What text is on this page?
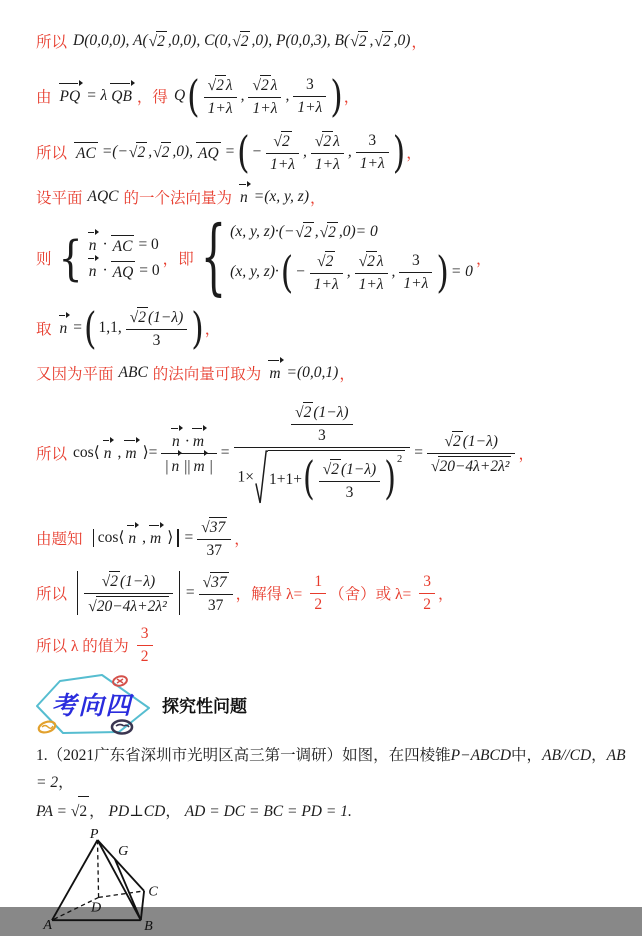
所以 D(0,0,0), A( √2 ,0,0), C(0, √2 ,0), P(0,0,3), B( √2 , √2 ,0) ，
由 PQ = λ QB ，得 Q ( $\frac{√2 \lambda}{1+\lambda}$ , $\frac{√2 \lambda}{1+\lambda}$ , $\frac{3}{1+\lambda}$ ) ，
所以 AC =(− √2 , √2 ,0), AQ = ( − $\frac{√2}{1+\lambda}$ , $\frac{√2 \lambda}{1+\lambda}$ , $\frac{3}{1+\lambda}$ ) ，
设平面 AQC 的一个法向量为 n =(x, y, z) ，
则 { n · AC = 0
n · AQ = 0
， 即 { (x, y, z)·(− √2 , √2 ,0)= 0
(x, y, z)· ( − $\frac{√2}{1+\lambda}$ , $\frac{√2 \lambda}{1+\lambda}$ , $\frac{3}{1+\lambda}$ ) = 0
，
取 n = ( 1,1, $\frac{√2 (1-\lambda)}{3}$ ) ，
又因为平面 ABC 的法向量可取为 m =(0,0,1) ，
所以 cos⟨ n , m ⟩= $\frac{n \cdot m}{| n || m |} = \frac{\frac{√2 (1-\lambda)}{3}}{1\times 1+1+( \frac{√2 (1-\lambda)}{3} )^2} = \frac{√2 (1-\lambda)}{\text{√20−4λ+2λ²}}$ ，
由题知 cos⟨ n , m ⟩ = $\frac{√37}{37}$ ，
所以 $\frac{√2 (1-\lambda)}{\text{√20−4λ+2λ²}} = \frac{√37}{37}$ ，解得 $\lambda= \frac{1}{2}$ （舍）或 $\lambda= \frac{3}{2}$ ，
所以 λ 的值为 $\frac{3}{2}$
考向四 探究性问题
1.（2021广东省深圳市光明区高三第一调研）如图，在四棱锥P−ABCD中，AB//CD，AB = 2，
PA = √2 ， PD⊥CD， AD = DC = BC = PD = 1.
P
G
D
C
A	B
